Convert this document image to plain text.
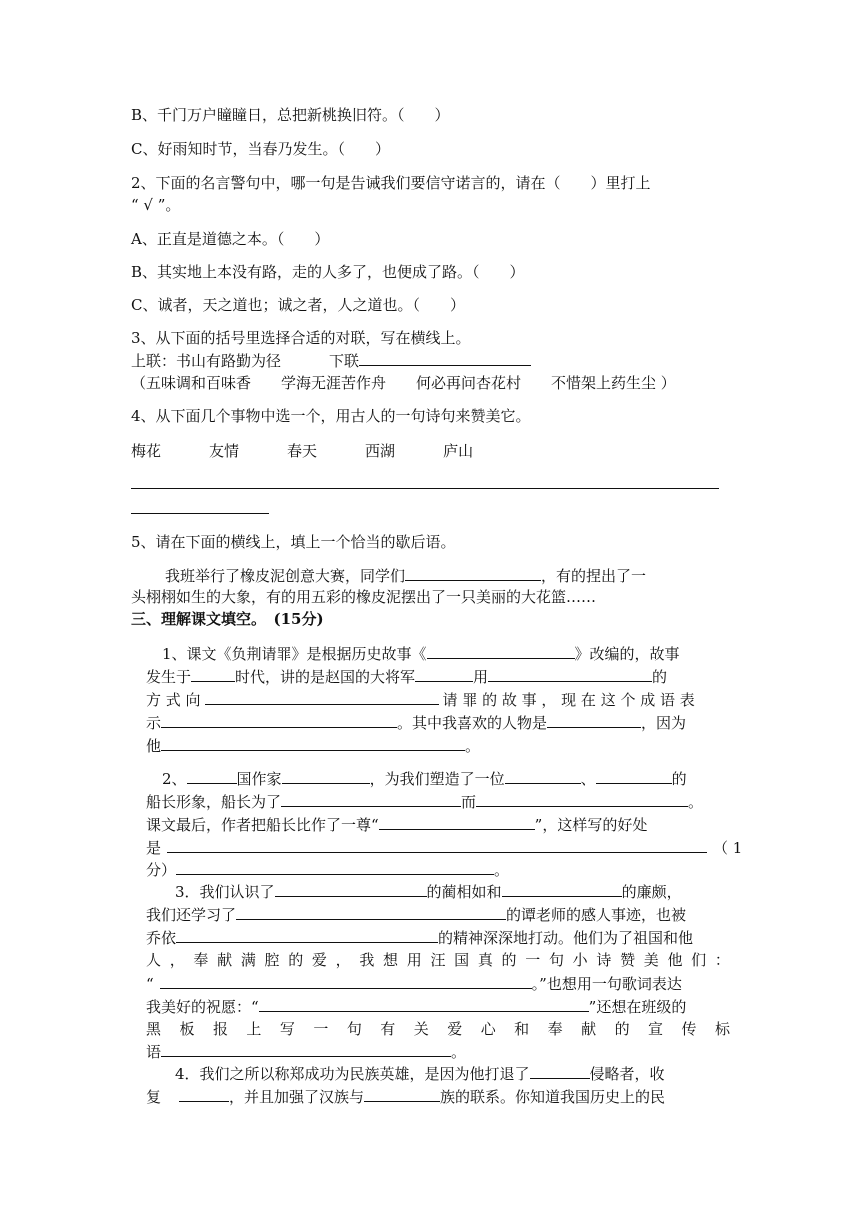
B、千门万户瞳瞳日，总把新桃换旧符。（　　）
C、好雨知时节，当春乃发生。（　　）
2、下面的名言警句中，哪一句是告诫我们要信守诺言的，请在（　　）里打上
“ √ ”。
A、正直是道德之本。（　　）
B、其实地上本没有路，走的人多了，也便成了路。（　　）
C、诚者，天之道也；诚之者，人之道也。（　　）
3、从下面的括号里选择合适的对联，写在横线上。
上联：书山有路勤为径	下联
（五味调和百味香　　学海无涯苦作舟　　何必再问杏花村　　不惜架上药生尘 ）
4、从下面几个事物中选一个，用古人的一句诗句来赞美它。
梅花	友情	春天	西湖	庐山
5、请在下面的横线上，填上一个恰当的歇后语。
我班举行了橡皮泥创意大赛，同学们	，有的捏出了一
头栩栩如生的大象，有的用五彩的橡皮泥摆出了一只美丽的大花篮……
三、理解课文填空。　(15分)
1、课文《负荆请罪》是根据历史故事《	》改编的，故事
发生于	时代，讲的是赵国的大将军	用	的
方 式 向	请 罪 的 故 事 ， 现 在 这 个 成 语 表
示	。其中我喜欢的人物是	，因为
他	。
2、	国作家	，为我们塑造了一位	、	的
船长形象，船长为了	而	。
课文最后，作者把船长比作了一尊“	”，这样写的好处
是	（ 1
分）	。
3．我们认识了	的蔺相如和	的廉颇，
我们还学习了	的谭老师的感人事迹，也被
乔依	的精神深深地打动。他们为了祖国和他
人 ， 奉 献 满 腔 的 爱 ， 我 想 用 汪 国 真 的 一 句 小 诗 赞 美 他 们 ：
“	。”也想用一句歌词表达
我美好的祝愿：“	”还想在班级的
黑 板 报 上 写 一 句 有 关 爱 心 和 奉 献 的 宣 传 标
语	。
4．我们之所以称郑成功为民族英雄，是因为他打退了	侵略者，收
复	，并且加强了汉族与	族的联系。你知道我国历史上的民
